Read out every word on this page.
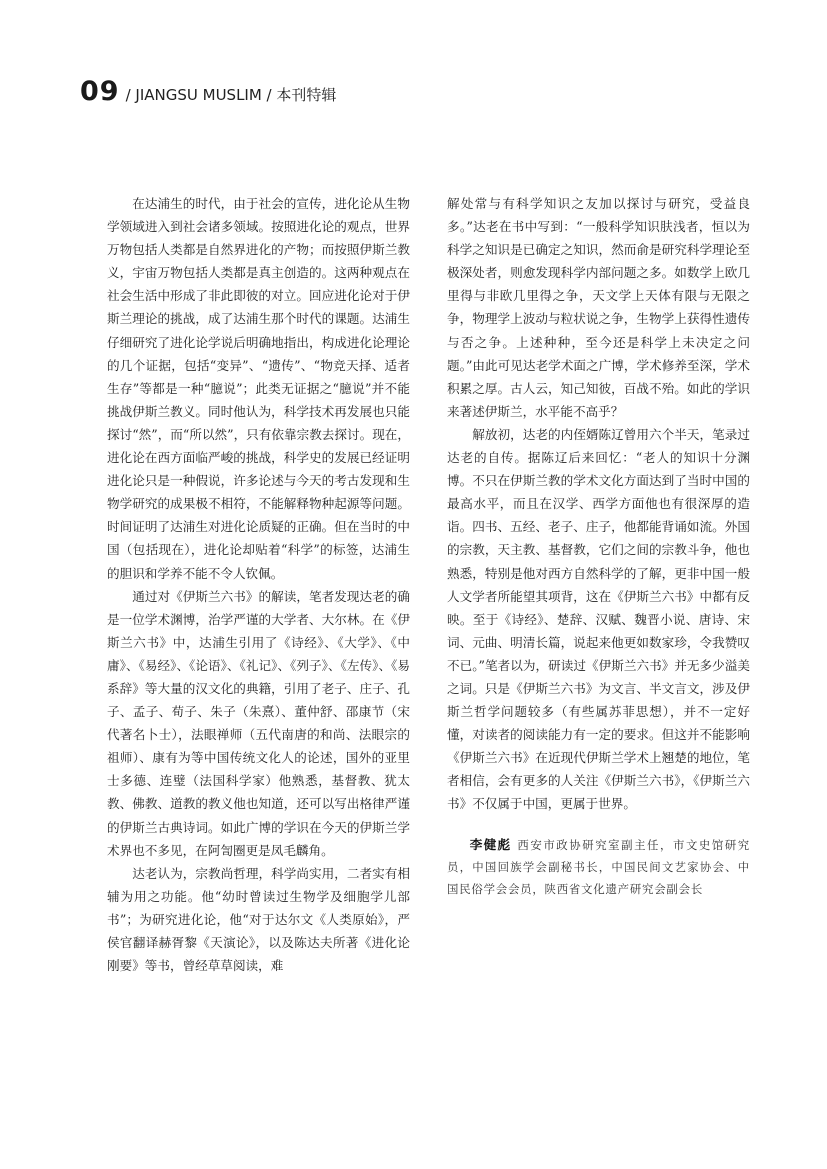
09 / JIANGSU MUSLIM / 本刊特辑

在达浦生的时代，由于社会的宣传，进化论从生物学领域进入到社会诸多领域。按照进化论的观点，世界万物包括人类都是自然界进化的产物；而按照伊斯兰教义，宇宙万物包括人类都是真主创造的。这两种观点在社会生活中形成了非此即彼的对立。回应进化论对于伊斯兰理论的挑战，成了达浦生那个时代的课题。达浦生仔细研究了进化论学说后明确地指出，构成进化论理论的几个证据，包括“变异”、“遗传”、“物竞天择、适者生存”等都是一种“臆说”；此类无证据之“臆说”并不能挑战伊斯兰教义。同时他认为，科学技术再发展也只能探讨“然”，而“所以然”，只有依靠宗教去探讨。现在，进化论在西方面临严峻的挑战，科学史的发展已经证明进化论只是一种假说，许多论述与今天的考古发现和生物学研究的成果极不相符，不能解释物种起源等问题。时间证明了达浦生对进化论质疑的正确。但在当时的中国（包括现在），进化论却贴着“科学”的标签，达浦生的胆识和学养不能不令人钦佩。

通过对《伊斯兰六书》的解读，笔者发现达老的确是一位学术渊博，治学严谨的大学者、大尔林。在《伊斯兰六书》中，达浦生引用了《诗经》、《大学》、《中庸》、《易经》、《论语》、《礼记》、《列子》、《左传》、《易系辞》等大量的汉文化的典籍，引用了老子、庄子、孔子、孟子、荀子、朱子（朱熹）、董仲舒、邵康节（宋代著名卜士），法眼禅师（五代南唐的和尚、法眼宗的祖师）、康有为等中国传统文化人的论述，国外的亚里士多德、连璧（法国科学家）他熟悉，基督教、犹太教、佛教、道教的教义他也知道，还可以写出格律严谨的伊斯兰古典诗词。如此广博的学识在今天的伊斯兰学术界也不多见，在阿訇圈更是凤毛麟角。

达老认为，宗教尚哲理，科学尚实用，二者实有相辅为用之功能。他“幼时曾读过生物学及细胞学儿部书”；为研究进化论，他“对于达尔文《人类原始》，严侯官翻译赫胥黎《天演论》，以及陈达夫所著《进化论刚要》等书，曾经草草阅读，难

解处常与有科学知识之友加以探讨与研究，受益良多。”达老在书中写到：“一般科学知识肤浅者，恒以为科学之知识是已确定之知识，然而俞是研究科学理论至极深处者，则愈发现科学内部问题之多。如数学上欧几里得与非欧几里得之争，天文学上天体有限与无限之争，物理学上波动与粒状说之争，生物学上获得性遗传与否之争。上述种种，至今还是科学上未决定之问题。”由此可见达老学术面之广博，学术修养至深，学术积累之厚。古人云，知己知彼，百战不殆。如此的学识来著述伊斯兰，水平能不高乎？

解放初，达老的内侄婿陈辽曾用六个半天，笔录过达老的自传。据陈辽后来回忆：“老人的知识十分渊博。不只在伊斯兰教的学术文化方面达到了当时中国的最高水平，而且在汉学、西学方面他也有很深厚的造诣。四书、五经、老子、庄子，他都能背诵如流。外国的宗教，天主教、基督教，它们之间的宗教斗争，他也熟悉，特别是他对西方自然科学的了解，更非中国一般人文学者所能望其项背，这在《伊斯兰六书》中都有反映。至于《诗经》、楚辞、汉赋、魏晋小说、唐诗、宋词、元曲、明清长篇，说起来他更如数家珍，令我赞叹不已。”笔者以为，研读过《伊斯兰六书》并无多少溢美之词。只是《伊斯兰六书》为文言、半文言文，涉及伊斯兰哲学问题较多（有些属苏菲思想），并不一定好懂，对读者的阅读能力有一定的要求。但这并不能影响《伊斯兰六书》在近现代伊斯兰学术上翘楚的地位，笔者相信，会有更多的人关注《伊斯兰六书》，《伊斯兰六书》不仅属于中国，更属于世界。

李健彪 西安市政协研究室副主任，市文史馆研究员，中国回族学会副秘书长，中国民间文艺家协会、中国民俗学会会员，陕西省文化遗产研究会副会长
